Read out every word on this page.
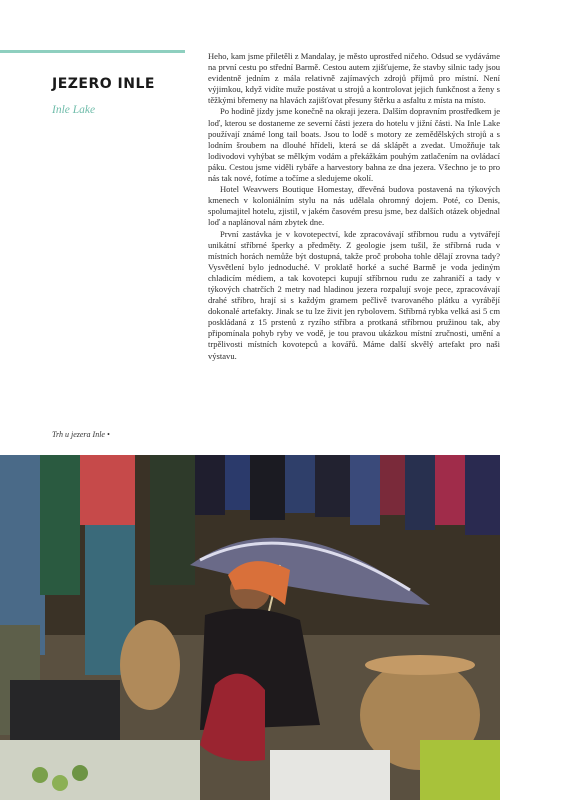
JEZERO INLE
Inle Lake
Trh u jezera Inle •

Heho, kam jsme přiletěli z Mandalay, je město uprostřed ničeho. Odsud se vydáváme na první cestu po střední Barmě. Cestou autem zjišťujeme, že stavby silnic tady jsou evidentně jedním z mála relativně zajímavých zdrojů příjmů pro místní. Není výjimkou, když vidíte muže postávat u strojů a kontrolovat jejich funkčnost a ženy s těžkými břemeny na hlavách zajišťovat přesuny štěrku a asfaltu z místa na místo.

Po hodině jízdy jsme konečně na okraji jezera. Dalším dopravním prostředkem je loď, kterou se dostaneme ze severní části jezera do hotelu v jižní části. Na Inle Lake používají známé long tail boats. Jsou to lodě s motory ze zemědělských strojů a s lodním šroubem na dlouhé hřídeli, která se dá sklápět a zvedat. Umožňuje tak lodivodovi vyhýbat se mělkým vodám a překážkám pouhým zatlačením na ovládací páku. Cestou jsme viděli rybáře a harvestory bahna ze dna jezera. Všechno je to pro nás tak nové, fotíme a točíme a sledujeme okolí.

Hotel Weavwers Boutique Homestay, dřevěná budova postavená na týkových kmenech v koloniálním stylu na nás udělala ohromný dojem. Poté, co Denis, spolumajitel hotelu, zjistil, v jakém časovém presu jsme, bez dalších otázek objednal loď a naplánoval nám zbytek dne.

První zastávka je v kovotepectví, kde zpracovávají stříbrnou rudu a vytvářejí unikátní stříbrné šperky a předměty. Z geologie jsem tušil, že stříbrná ruda v místních horách nemůže být dostupná, takže proč proboha tohle dělají zrovna tady? Vysvětlení bylo jednoduché. V proklatě horké a suché Barmě je voda jediným chladicím médiem, a tak kovotepci kupují stříbrnou rudu ze zahraničí a tady v týkových chatrčích 2 metry nad hladinou jezera rozpalují svoje pece, zpracovávají drahé stříbro, hrají si s každým gramem pečlivě tvarovaného plátku a vyrábějí dokonalé artefakty. Jinak se tu lze živit jen rybolovem. Stříbrná rybka velká asi 5 cm poskládaná z 15 prstenů z ryzího stříbra a protkaná stříbrnou pružinou tak, aby připomínala pohyb ryby ve vodě, je tou pravou ukázkou místní zručnosti, umění a trpělivosti místních kovotepců a kovářů. Máme další skvělý artefakt pro naši výstavu.
